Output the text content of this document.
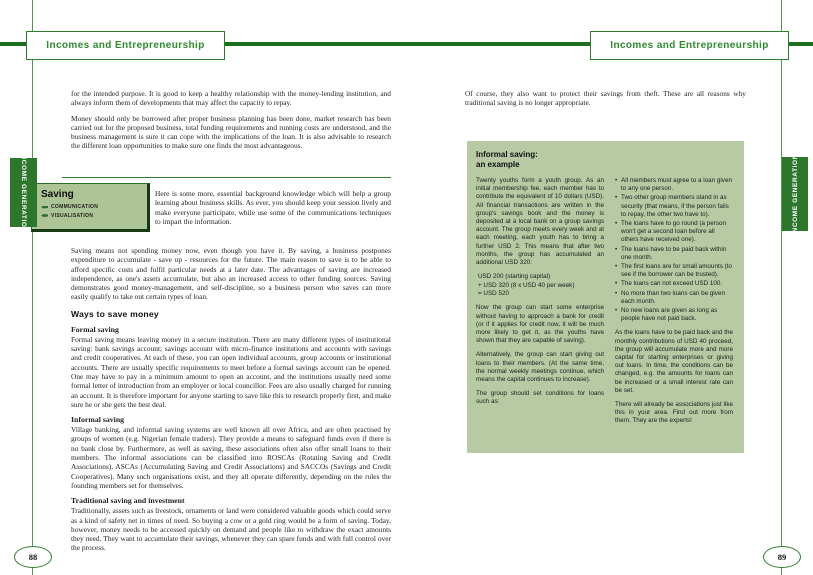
Incomes and Entrepreneurship
INCOME GENERATION

for the intended purpose. It is good to keep a healthy relationship with the money-lending institution, and always inform them of developments that may affect the capacity to repay.

Money should only be borrowed after proper business planning has been done, market research has been carried out for the proposed business, total funding requirements and running costs are understood, and the business management is sure it can cope with the implications of the loan. It is also advisable to research the different loan opportunities to make sure one finds the most advantageous.

Saving
COMMUNICATION
VISUALISATION

Here is some more, essential background knowledge which will help a group learning about business skills. As ever, you should keep your session lively and make everyone participate, while use some of the communications techniques to impart the information.

Saving means not spending money now, even though you have it. By saving, a business postpones expenditure to accumulate - save up - resources for the future. The main reason to save is to be able to afford specific costs and fulfil particular needs at a later date. The advantages of saving are increased independence, as one's assets accumulate, but also an increased access to other funding sources. Saving demonstrates good money-management, and self-discipline, so a business person who saves can more easily qualify to take out certain types of loan.

Ways to save money
Formal saving

Formal saving means leaving money in a secure institution. There are many different types of institutional saving: bank savings account; savings account with micro-finance institutions and accounts with savings and credit cooperatives. At each of these, you can open individual accounts, group accounts or institutional accounts. There are usually specific requirements to meet before a formal savings account can be opened. One may have to pay in a minimum amount to open an account, and the institutions usually need some formal letter of introduction from an employer or local councillor. Fees are also usually charged for running an account. It is therefore important for anyone starting to save like this to research properly first, and make sure he or she gets the best deal.

Informal saving

Village banking, and informal saving systems are well known all over Africa, and are often practised by groups of women (e.g. Nigerian female traders). They provide a means to safeguard funds even if there is no bank close by. Furthermore, as well as saving, these associations often also offer small loans to their members. The informal associations can be classified into ROSCAs (Rotating Saving and Credit Associations), ASCAs (Accumulating Saving and Credit Associations) and SACCOs (Savings and Credit Cooperatives). Many such organisations exist, and they all operate differently, depending on the rules the founding members set for themselves.

Traditional saving and investment

Traditionally, assets such as livestock, ornaments or land were considered valuable goods which could serve as a kind of safety net in times of need. So buying a cow or a gold ring would be a form of saving. Today, however, money needs to be accessed quickly on demand and people like to withdraw the exact amounts they need. They want to accumulate their savings, whenever they can spare funds and with full control over the process.

88
Incomes and Entrepreneurship
INCOME GENERATION

Of course, they also want to protect their savings from theft. These are all reasons why traditional saving is no longer appropriate.

Informal saving:
an example

Twenty youths form a youth group. As an initial membership fee, each member has to contribute the equivalent of 10 dollars (USD). All financial transactions are written in the group's savings book and the money is deposited at a local bank on a group savings account. The group meets every week and at each meeting, each youth has to bring a further USD 2. This means that after two months, the group has accumulated an additional USD 320:

USD 200 (starting capital)
+ USD 320 (8 x USD 40 per week)
= USD 520

Now the group can start some enterprise without having to approach a bank for credit (or if it applies for credit now, it will be much more likely to get it, as the youths have shown that they are capable of saving).

Alternatively, the group can start giving out loans to their members. (At the same time, the normal weekly meetings continue, which means the capital continues to increase).

The group should set conditions for loans such as:

• All members must agree to a loan given to any one person.
• Two other group members stand in as security (that means, if the person fails to repay, the other two have to).
• The loans have to go round (a person won't get a second loan before all others have received one).
• The loans have to be paid back within one month.
• The first loans are for small amounts (to see if the borrower can be trusted).
• The loans can not exceed USD 100.
• No more than two loans can be given each month.
• No new loans are given as long as people have not paid back.

As the loans have to be paid back and the monthly contributions of USD 40 proceed, the group will accumulate more and more capital for starting enterprises or giving out loans. In time, the conditions can be changed, e.g. the amounts for loans can be increased or a small interest rate can be set.

There will already be associations just like this in your area. Find out more from them. They are the experts!

89
